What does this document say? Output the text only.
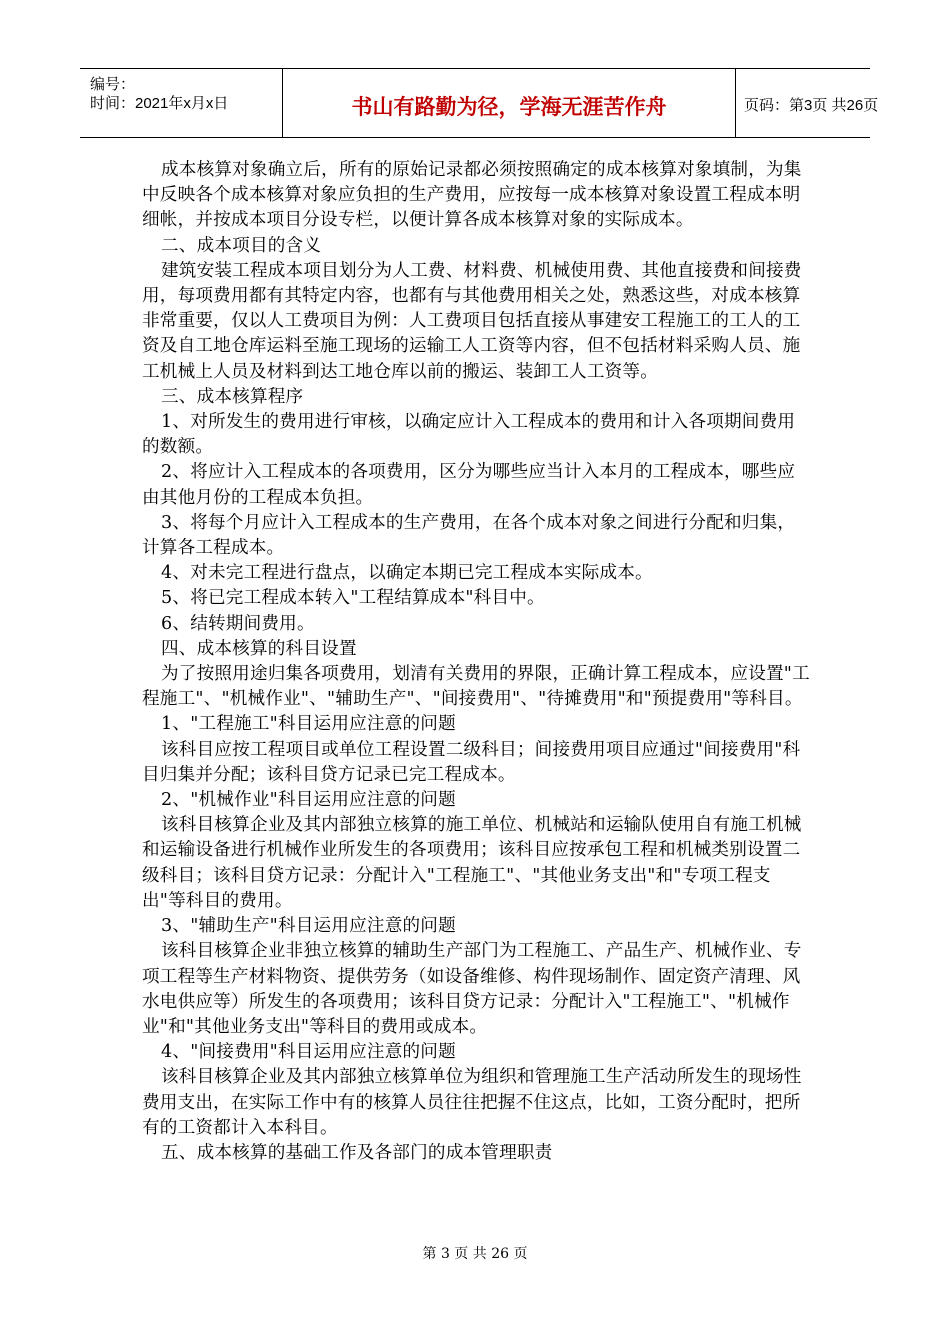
编号：
时间：2021年x月x日	书山有路勤为径，学海无涯苦作舟	页码：第3页 共26页

成本核算对象确立后，所有的原始记录都必须按照确定的成本核算对象填制，为集中反映各个成本核算对象应负担的生产费用，应按每一成本核算对象设置工程成本明细帐，并按成本项目分设专栏，以便计算各成本核算对象的实际成本。

二、成本项目的含义

建筑安装工程成本项目划分为人工费、材料费、机械使用费、其他直接费和间接费用，每项费用都有其特定内容，也都有与其他费用相关之处，熟悉这些，对成本核算非常重要，仅以人工费项目为例：人工费项目包括直接从事建安工程施工的工人的工资及自工地仓库运料至施工现场的运输工人工资等内容，但不包括材料采购人员、施工机械上人员及材料到达工地仓库以前的搬运、装卸工人工资等。

三、成本核算程序

1、对所发生的费用进行审核，以确定应计入工程成本的费用和计入各项期间费用的数额。

2、将应计入工程成本的各项费用，区分为哪些应当计入本月的工程成本，哪些应由其他月份的工程成本负担。

3、将每个月应计入工程成本的生产费用，在各个成本对象之间进行分配和归集，计算各工程成本。

4、对未完工程进行盘点，以确定本期已完工程成本实际成本。

5、将已完工程成本转入"工程结算成本"科目中。

6、结转期间费用。

四、成本核算的科目设置

为了按照用途归集各项费用，划清有关费用的界限，正确计算工程成本，应设置"工程施工"、"机械作业"、"辅助生产"、"间接费用"、"待摊费用"和"预提费用"等科目。

1、"工程施工"科目运用应注意的问题

该科目应按工程项目或单位工程设置二级科目；间接费用项目应通过"间接费用"科目归集并分配；该科目贷方记录已完工程成本。

2、"机械作业"科目运用应注意的问题

该科目核算企业及其内部独立核算的施工单位、机械站和运输队使用自有施工机械和运输设备进行机械作业所发生的各项费用；该科目应按承包工程和机械类别设置二级科目；该科目贷方记录：分配计入"工程施工"、"其他业务支出"和"专项工程支出"等科目的费用。

3、"辅助生产"科目运用应注意的问题

该科目核算企业非独立核算的辅助生产部门为工程施工、产品生产、机械作业、专项工程等生产材料物资、提供劳务（如设备维修、构件现场制作、固定资产清理、风水电供应等）所发生的各项费用；该科目贷方记录：分配计入"工程施工"、"机械作业"和"其他业务支出"等科目的费用或成本。

4、"间接费用"科目运用应注意的问题

该科目核算企业及其内部独立核算单位为组织和管理施工生产活动所发生的现场性费用支出，在实际工作中有的核算人员往往把握不住这点，比如，工资分配时，把所有的工资都计入本科目。

五、成本核算的基础工作及各部门的成本管理职责

第 3 页 共 26 页
